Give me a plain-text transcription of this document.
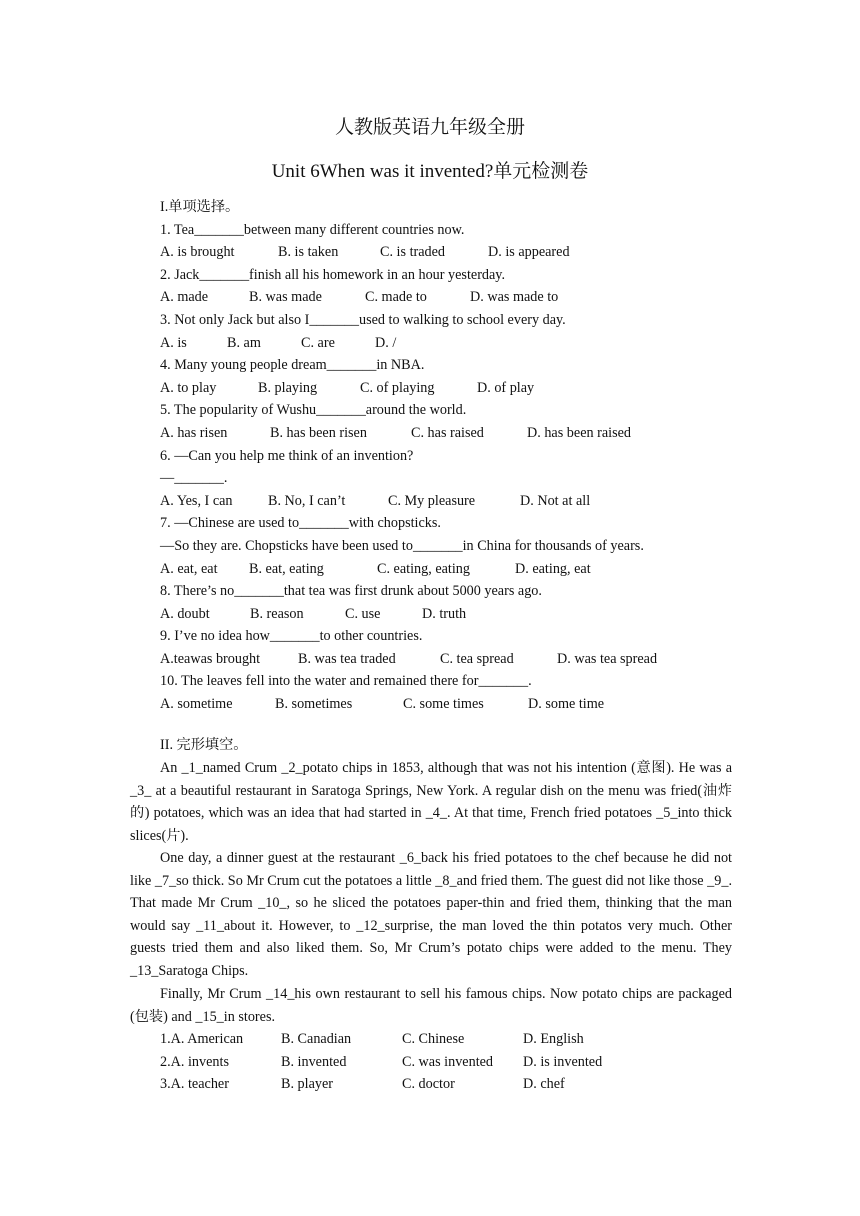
人教版英语九年级全册
Unit 6When was it invented?单元检测卷
I.单项选择。
1. Tea_______between many different countries now.
A. is brought	B. is taken	C. is traded	D. is appeared
2. Jack_______finish all his homework in an hour yesterday.
A. made	B. was made	C. made to	D. was made to
3. Not only Jack but also I_______used to walking to school every day.
A. is	B. am	C. are	D. /
4. Many young people dream_______in NBA.
A. to play	B. playing	C. of playing	D. of play
5. The popularity of Wushu_______around the world.
A. has risen	B. has been risen	C. has raised	D. has been raised
6. —Can you help me think of an invention?
—_______.
A. Yes, I can	B. No, I can’t	C. My pleasure	D. Not at all
7. —Chinese are used to_______with chopsticks.
—So they are. Chopsticks have been used to_______in China for thousands of years.
A. eat, eat	B. eat, eating	C. eating, eating	D. eating, eat
8. There’s no_______that tea was first drunk about 5000 years ago.
A. doubt	B. reason	C. use	D. truth
9. I’ve no idea how_______to other countries.
A.teawas brought	B. was tea traded	C. tea spread	D. was tea spread
10. The leaves fell into the water and remained there for_______.
A. sometime	B. sometimes	C. some times	D. some time
II. 完形填空。
An _1_named Crum _2_potato chips in 1853, although that was not his intention (意图). He was a _3_ at a beautiful restaurant in Saratoga Springs, New York. A regular dish on the menu was fried(油炸的) potatoes, which was an idea that had started in _4_. At that time, French fried potatoes _5_into thick slices(片).
One day, a dinner guest at the restaurant _6_back his fried potatoes to the chef because he did not like _7_so thick. So Mr Crum cut the potatoes a little _8_and fried them. The guest did not like those _9_. That made Mr Crum _10_, so he sliced the potatoes paper-thin and fried them, thinking that the man would say _11_about it. However, to _12_surprise, the man loved the thin potatos very much. Other guests tried them and also liked them. So, Mr Crum’s potato chips were added to the menu. They _13_Saratoga Chips.
Finally, Mr Crum _14_his own restaurant to sell his famous chips. Now potato chips are packaged (包装) and _15_in stores.
1.A. American	B. Canadian	C. Chinese	D. English
2.A. invents	B. invented	C. was invented	D. is invented
3.A. teacher	B. player	C. doctor	D. chef
